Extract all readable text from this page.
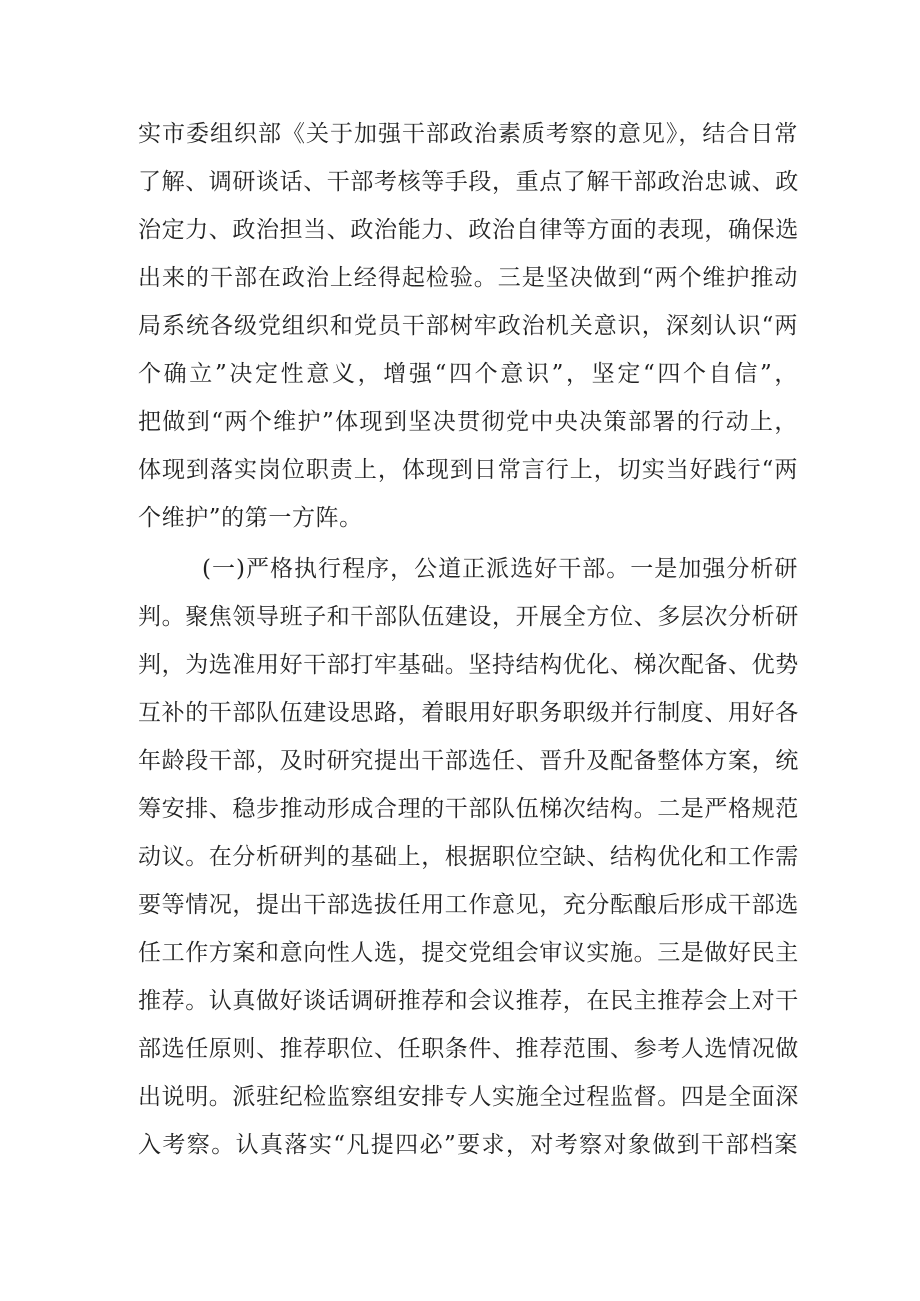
实市委组织部《关于加强干部政治素质考察的意见》，结合日常
了解、调研谈话、干部考核等手段，重点了解干部政治忠诚、政
治定力、政治担当、政治能力、政治自律等方面的表现，确保选
出来的干部在政治上经得起检验。三是坚决做到“两个维护推动
局系统各级党组织和党员干部树牢政治机关意识，深刻认识“两
个确立”决定性意义，增强“四个意识”，坚定“四个自信”，
把做到“两个维护”体现到坚决贯彻党中央决策部署的行动上，
体现到落实岗位职责上，体现到日常言行上，切实当好践行“两
个维护”的第一方阵。
(一)严格执行程序，公道正派选好干部。一是加强分析研
判。聚焦领导班子和干部队伍建设，开展全方位、多层次分析研
判，为选准用好干部打牢基础。坚持结构优化、梯次配备、优势
互补的干部队伍建设思路，着眼用好职务职级并行制度、用好各
年龄段干部，及时研究提出干部选任、晋升及配备整体方案，统
筹安排、稳步推动形成合理的干部队伍梯次结构。二是严格规范
动议。在分析研判的基础上，根据职位空缺、结构优化和工作需
要等情况，提出干部选拔任用工作意见，充分酝酿后形成干部选
任工作方案和意向性人选，提交党组会审议实施。三是做好民主
推荐。认真做好谈话调研推荐和会议推荐，在民主推荐会上对干
部选任原则、推荐职位、任职条件、推荐范围、参考人选情况做
出说明。派驻纪检监察组安排专人实施全过程监督。四是全面深
入考察。认真落实“凡提四必”要求，对考察对象做到干部档案
